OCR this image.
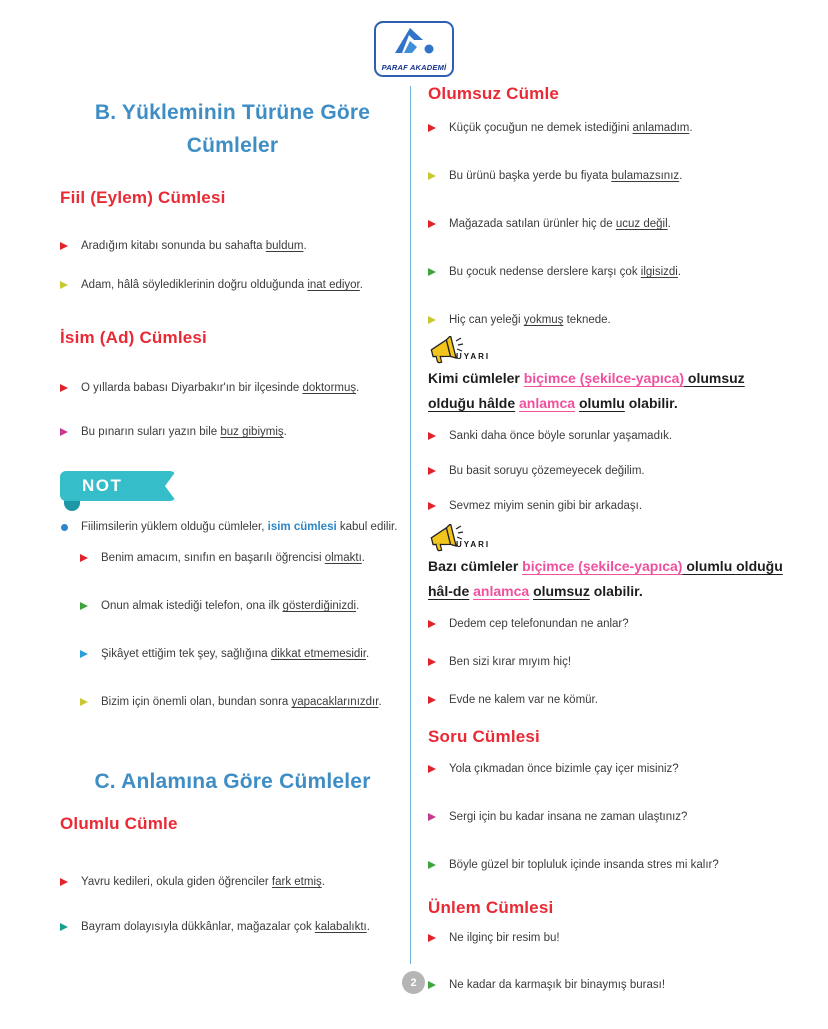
PARAF AKADEMİ
B. Yükleminin Türüne Göre Cümleler
Fiil (Eylem) Cümlesi
Aradığım kitabı sonunda bu sahafta buldum.
Adam, hâlâ söylediklerinin doğru olduğunda inat ediyor.
İsim (Ad) Cümlesi
O yıllarda babası Diyarbakır'ın bir ilçesinde doktormuş.
Bu pınarın suları yazın bile buz gibiymiş.
NOT
Fiilimsilerin yüklem olduğu cümleler, isim cümlesi kabul edilir.
Benim amacım, sınıfın en başarılı öğrencisi olmaktı.
Onun almak istediği telefon, ona ilk gösterdiğinizdi.
Şikâyet ettiğim tek şey, sağlığına dikkat etmemesidir.
Bizim için önemli olan, bundan sonra yapacaklarınızdır.
C. Anlamına Göre Cümleler
Olumlu Cümle
Yavru kedileri, okula giden öğrenciler fark etmiş.
Bayram dolayısıyla dükkânlar, mağazalar çok kalabalıktı.
Olumsuz Cümle
Küçük çocuğun ne demek istediğini anlamadım.
Bu ürünü başka yerde bu fiyata bulamazsınız.
Mağazada satılan ürünler hiç de ucuz değil.
Bu çocuk nedense derslere karşı çok ilgisizdi.
Hiç can yeleği yokmuş teknede.
UYARI
Kimi cümleler biçimce (şekilce-yapıca) olumsuz olduğu hâlde anlamca olumlu olabilir.
Sanki daha önce böyle sorunlar yaşamadık.
Bu basit soruyu çözemeyecek değilim.
Sevmez miyim senin gibi bir arkadaşı.
UYARI
Bazı cümleler biçimce (şekilce-yapıca) olumlu olduğu hâl-de anlamca olumsuz olabilir.
Dedem cep telefonundan ne anlar?
Ben sizi kırar mıyım hiç!
Evde ne kalem var ne kömür.
Soru Cümlesi
Yola çıkmadan önce bizimle çay içer misiniz?
Sergi için bu kadar insana ne zaman ulaştınız?
Böyle güzel bir topluluk içinde insanda stres mi kalır?
Ünlem Cümlesi
Ne ilginç bir resim bu!
Ne kadar da karmaşık bir binaymış burası!
2
